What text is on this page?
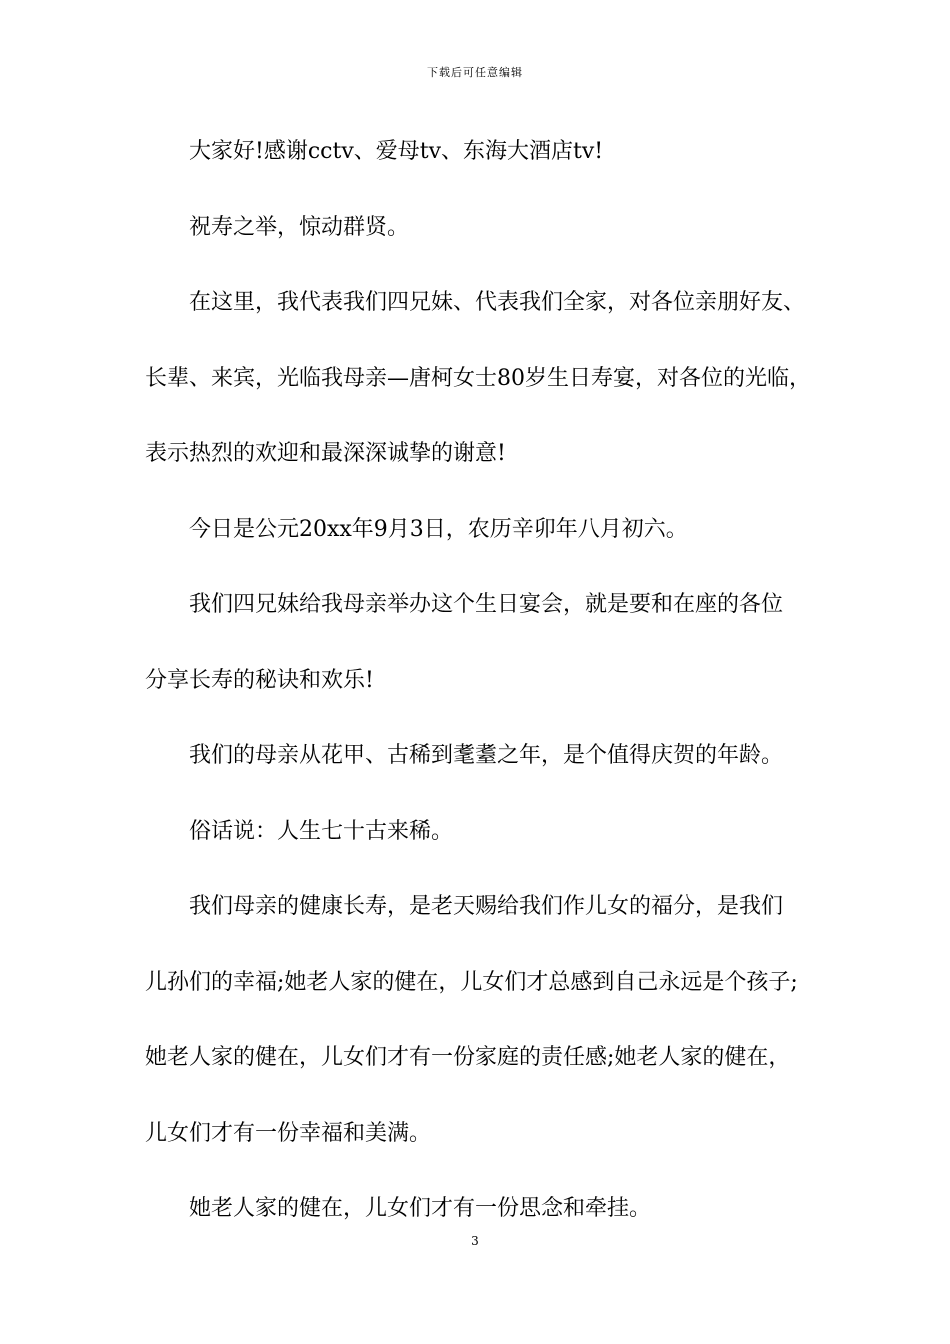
下载后可任意编辑
大家好!感谢cctv、爱母tv、东海大酒店tv!
祝寿之举，惊动群贤。
在这里，我代表我们四兄妹、代表我们全家，对各位亲朋好友、
长辈、来宾，光临我母亲—唐柯女士80岁生日寿宴，对各位的光临，
表示热烈的欢迎和最深深诚挚的谢意!
今日是公元20xx年9月3日，农历辛卯年八月初六。
我们四兄妹给我母亲举办这个生日宴会，就是要和在座的各位
分享长寿的秘诀和欢乐!
我们的母亲从花甲、古稀到耄耋之年，是个值得庆贺的年龄。
俗话说：人生七十古来稀。
我们母亲的健康长寿，是老天赐给我们作儿女的福分，是我们
儿孙们的幸福;她老人家的健在，儿女们才总感到自己永远是个孩子;
她老人家的健在，儿女们才有一份家庭的责任感;她老人家的健在，
儿女们才有一份幸福和美满。
她老人家的健在，儿女们才有一份思念和牵挂。
3
